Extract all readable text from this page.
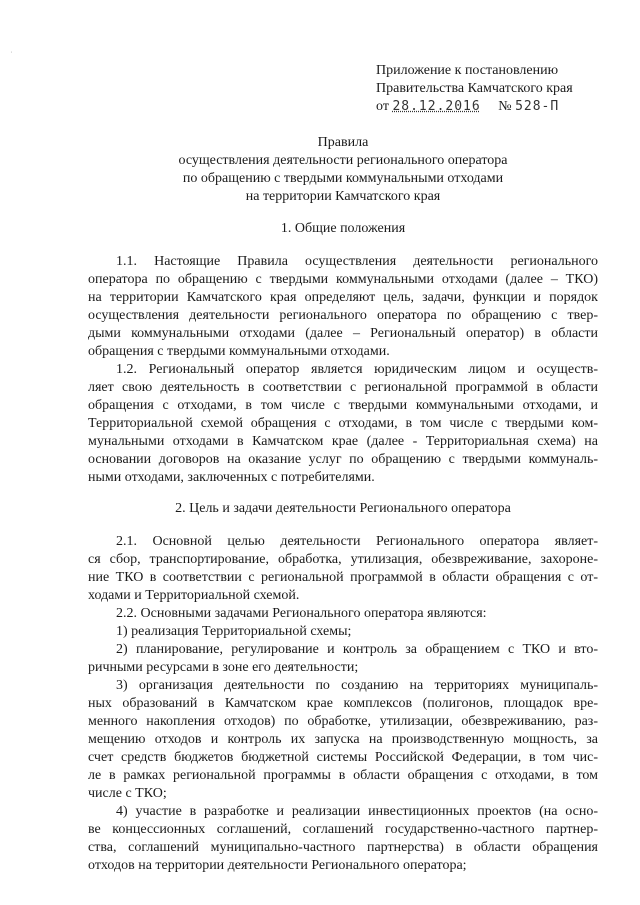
˙
Приложение к постановлению
Правительства Камчатского края
от 28.12.2016 № 528-П
Правила
осуществления деятельности регионального оператора
по обращению с твердыми коммунальными отходами
на территории Камчатского края
1. Общие положения
1.1. Настоящие Правила осуществления деятельности регионального
оператора по обращению с твердыми коммунальными отходами (далее – ТКО)
на территории Камчатского края определяют цель, задачи, функции и порядок
осуществления деятельности регионального оператора по обращению с твер-
дыми коммунальными отходами (далее – Региональный оператор) в области
обращения с твердыми коммунальными отходами.
1.2. Региональный оператор является юридическим лицом и осуществ-
ляет свою деятельность в соответствии с региональной программой в области
обращения с отходами, в том числе с твердыми коммунальными отходами, и
Территориальной схемой обращения с отходами, в том числе с твердыми ком-
мунальными отходами в Камчатском крае (далее - Территориальная схема) на
основании договоров на оказание услуг по обращению с твердыми коммуналь-
ными отходами, заключенных с потребителями.
2. Цель и задачи деятельности Регионального оператора
2.1. Основной целью деятельности Регионального оператора являет-
ся сбор, транспортирование, обработка, утилизация, обезвреживание, захороне-
ние ТКО в соответствии с региональной программой в области обращения с от-
ходами и Территориальной схемой.
2.2. Основными задачами Регионального оператора являются:
1) реализация Территориальной схемы;
2) планирование, регулирование и контроль за обращением с ТКО и вто-
ричными ресурсами в зоне его деятельности;
3) организация деятельности по созданию на территориях муниципаль-
ных образований в Камчатском крае комплексов (полигонов, площадок вре-
менного накопления отходов) по обработке, утилизации, обезвреживанию, раз-
мещению отходов и контроль их запуска на производственную мощность, за
счет средств бюджетов бюджетной системы Российской Федерации, в том чис-
ле в рамках региональной программы в области обращения с отходами, в том
числе с ТКО;
4) участие в разработке и реализации инвестиционных проектов (на осно-
ве концессионных соглашений, соглашений государственно-частного партнер-
ства, соглашений муниципально-частного партнерства) в области обращения
отходов на территории деятельности Регионального оператора;
